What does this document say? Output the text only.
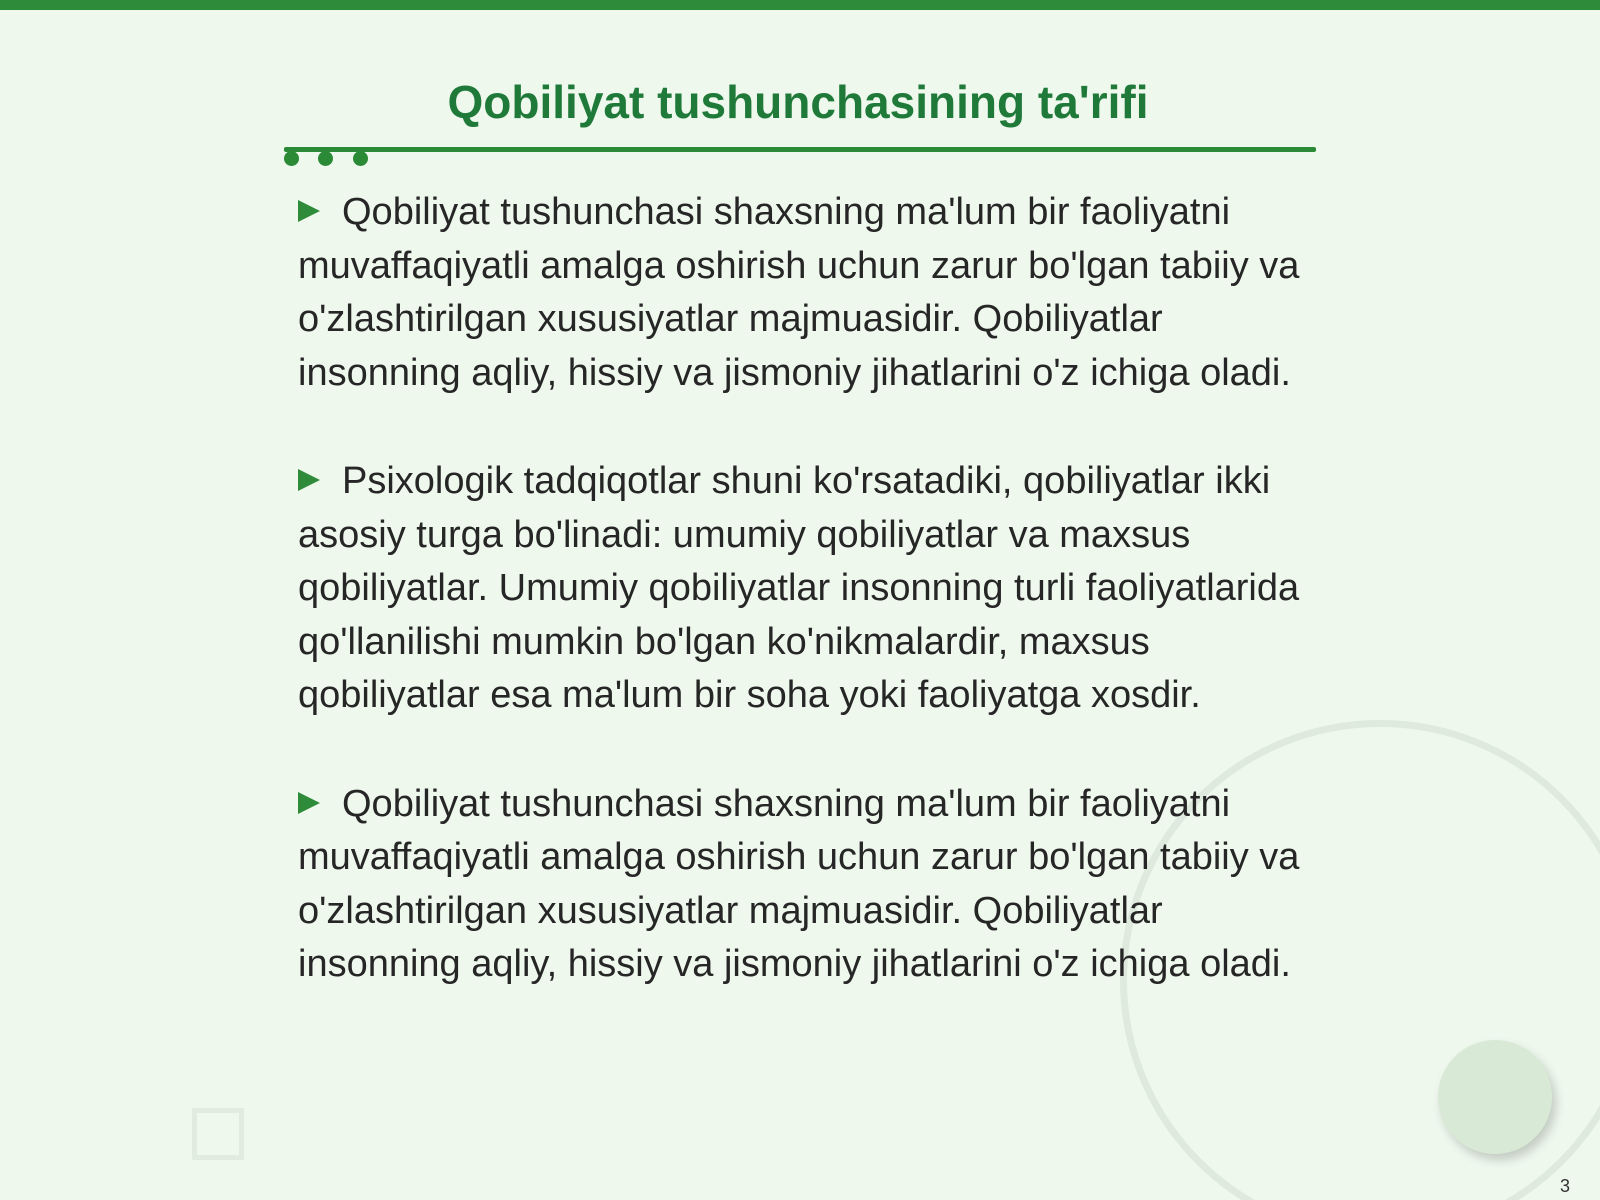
Qobiliyat tushunchasining ta'rifi

Qobiliyat tushunchasi shaxsning ma'lum bir faoliyatni muvaffaqiyatli amalga oshirish uchun zarur bo'lgan tabiiy va o'zlashtirilgan xususiyatlar majmuasidir. Qobiliyatlar insonning aqliy, hissiy va jismoniy jihatlarini o'z ichiga oladi.

Psixologik tadqiqotlar shuni ko'rsatadiki, qobiliyatlar ikki asosiy turga bo'linadi: umumiy qobiliyatlar va maxsus qobiliyatlar. Umumiy qobiliyatlar insonning turli faoliyatlarida qo'llanilishi mumkin bo'lgan ko'nikmalardir, maxsus qobiliyatlar esa ma'lum bir soha yoki faoliyatga xosdir.

Qobiliyat tushunchasi shaxsning ma'lum bir faoliyatni muvaffaqiyatli amalga oshirish uchun zarur bo'lgan tabiiy va o'zlashtirilgan xususiyatlar majmuasidir. Qobiliyatlar insonning aqliy, hissiy va jismoniy jihatlarini o'z ichiga oladi.

3
